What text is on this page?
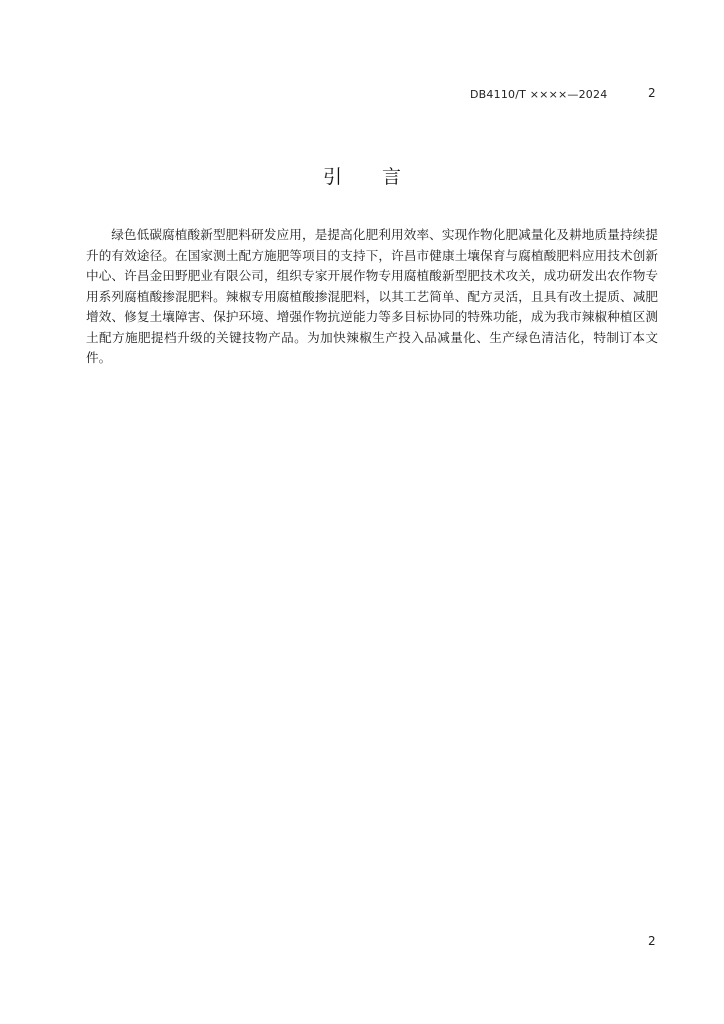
DB4110/T ××××—2024	2
引言

绿色低碳腐植酸新型肥料研发应用，是提高化肥利用效率、实现作物化肥减量化及耕地质量持续提升的有效途径。在国家测土配方施肥等项目的支持下，许昌市健康土壤保育与腐植酸肥料应用技术创新中心、许昌金田野肥业有限公司，组织专家开展作物专用腐植酸新型肥技术攻关，成功研发出农作物专用系列腐植酸掺混肥料。辣椒专用腐植酸掺混肥料，以其工艺简单、配方灵活，且具有改土提质、减肥增效、修复土壤障害、保护环境、增强作物抗逆能力等多目标协同的特殊功能，成为我市辣椒种植区测土配方施肥提档升级的关键技物产品。为加快辣椒生产投入品减量化、生产绿色清洁化，特制订本文件。

2
